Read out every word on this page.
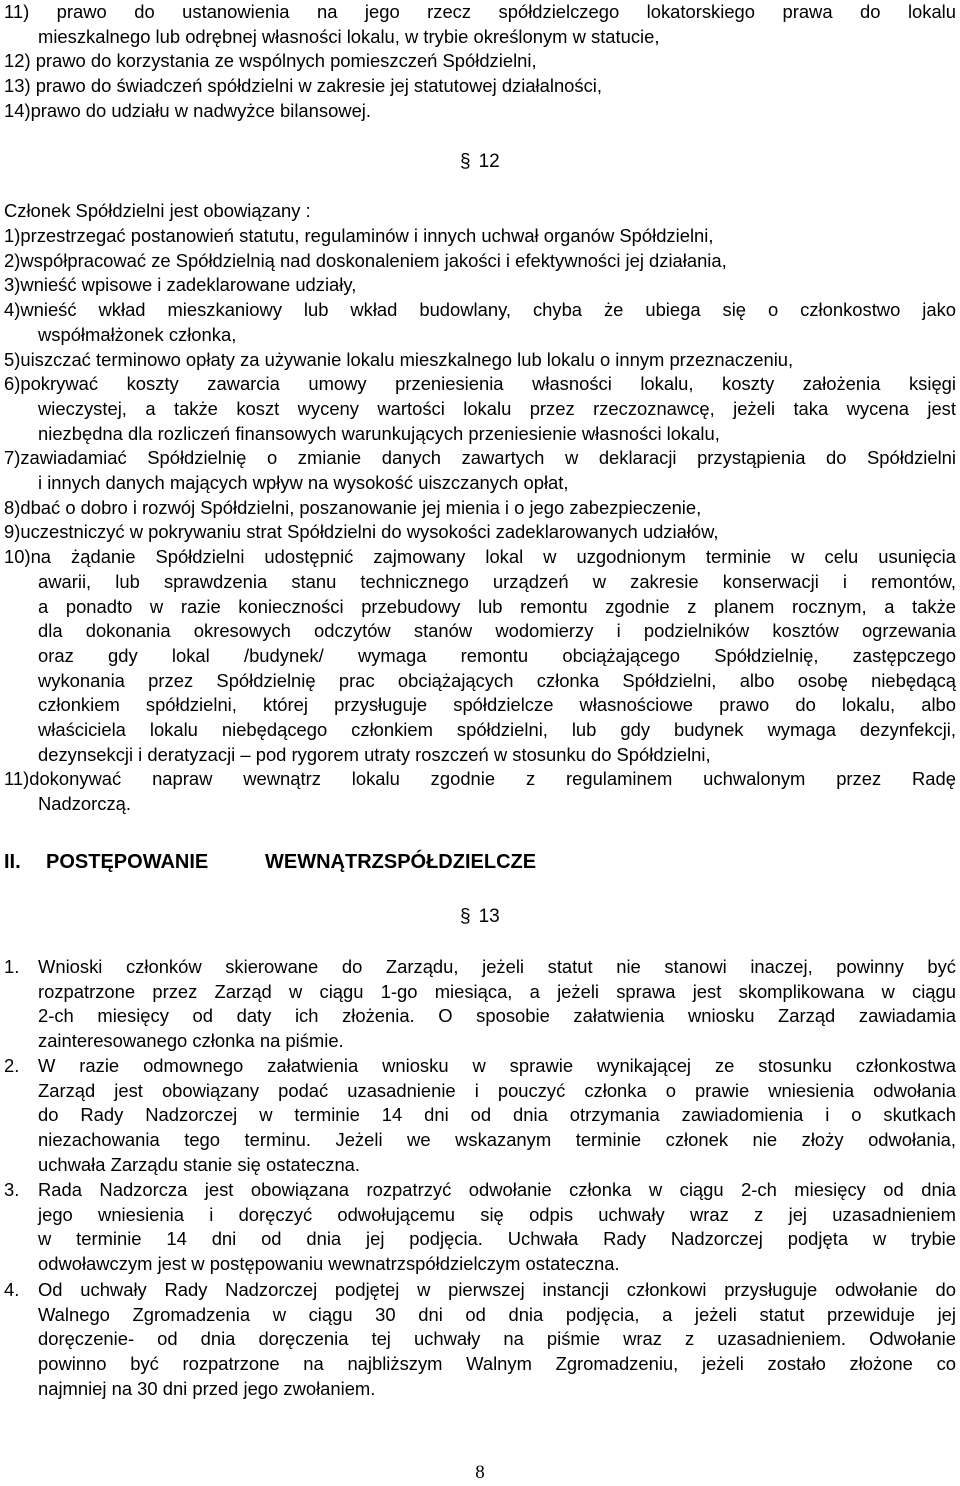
11) prawo do ustanowienia na jego rzecz spółdzielczego lokatorskiego prawa do lokalu
mieszkalnego lub odrębnej własności lokalu, w trybie określonym w statucie,
12) prawo do korzystania ze wspólnych pomieszczeń Spółdzielni,
13) prawo do świadczeń spółdzielni w zakresie jej statutowej działalności,
14)prawo do udziału w nadwyżce bilansowej.
§ 12

Członek Spółdzielni jest obowiązany :

1)przestrzegać postanowień statutu, regulaminów i innych uchwał organów Spółdzielni,
2)współpracować ze Spółdzielnią nad doskonaleniem jakości i efektywności jej działania,
3)wnieść wpisowe i zadeklarowane udziały,
4)wnieść wkład mieszkaniowy lub wkład budowlany, chyba że ubiega się o członkostwo jako
współmałżonek członka,
5)uiszczać terminowo opłaty za używanie lokalu mieszkalnego lub lokalu o innym przeznaczeniu,
6)pokrywać koszty zawarcia umowy przeniesienia własności lokalu, koszty założenia księgi
wieczystej, a także koszt wyceny wartości lokalu przez rzeczoznawcę, jeżeli taka wycena jest
niezbędna dla rozliczeń finansowych warunkujących przeniesienie własności lokalu,
7)zawiadamiać Spółdzielnię o zmianie danych zawartych w deklaracji przystąpienia do Spółdzielni
i innych danych mających wpływ na wysokość uiszczanych opłat,
8)dbać o dobro i rozwój Spółdzielni, poszanowanie jej mienia i o jego zabezpieczenie,
9)uczestniczyć w pokrywaniu strat Spółdzielni do wysokości zadeklarowanych udziałów,
10)na żądanie Spółdzielni udostępnić zajmowany lokal w uzgodnionym terminie w celu usunięcia
awarii, lub sprawdzenia stanu technicznego urządzeń w zakresie konserwacji i remontów,
a ponadto w razie konieczności przebudowy lub remontu zgodnie z planem rocznym, a także
dla dokonania okresowych odczytów stanów wodomierzy i podzielników kosztów ogrzewania
oraz gdy lokal /budynek/ wymaga remontu obciążającego Spółdzielnię, zastępczego
wykonania przez Spółdzielnię prac obciążających członka Spółdzielni, albo osobę niebędącą
członkiem spółdzielni, której przysługuje spółdzielcze własnościowe prawo do lokalu, albo
właściciela lokalu niebędącego członkiem spółdzielni, lub gdy budynek wymaga dezynfekcji,
dezynsekcji i deratyzacji – pod rygorem utraty roszczeń w stosunku do Spółdzielni,
11)dokonywać napraw wewnątrz lokalu zgodnie z regulaminem uchwalonym przez Radę
Nadzorczą.
II. POSTĘPOWANIE	WEWNĄTRZSPÓŁDZIELCZE
§ 13
1.	Wnioski członków skierowane do Zarządu, jeżeli statut nie stanowi inaczej, powinny być
rozpatrzone przez Zarząd w ciągu 1-go miesiąca, a jeżeli sprawa jest skomplikowana w ciągu
2-ch miesięcy od daty ich złożenia. O sposobie załatwienia wniosku Zarząd zawiadamia
zainteresowanego członka na piśmie.
2.	W razie odmownego załatwienia wniosku w sprawie wynikającej ze stosunku członkostwa
Zarząd jest obowiązany podać uzasadnienie i pouczyć członka o prawie wniesienia odwołania
do Rady Nadzorczej w terminie 14 dni od dnia otrzymania zawiadomienia i o skutkach
niezachowania tego terminu. Jeżeli we wskazanym terminie członek nie złoży odwołania,
uchwała Zarządu stanie się ostateczna.
3.	Rada Nadzorcza jest obowiązana rozpatrzyć odwołanie członka w ciągu 2-ch miesięcy od dnia
jego wniesienia i doręczyć odwołującemu się odpis uchwały wraz z jej uzasadnieniem
w terminie 14 dni od dnia jej podjęcia. Uchwała Rady Nadzorczej podjęta w trybie
odwoławczym jest w postępowaniu wewnatrzspółdzielczym ostateczna.
4.	Od uchwały Rady Nadzorczej podjętej w pierwszej instancji członkowi przysługuje odwołanie do
Walnego Zgromadzenia w ciągu 30 dni od dnia podjęcia, a jeżeli statut przewiduje jej
doręczenie- od dnia doręczenia tej uchwały na piśmie wraz z uzasadnieniem. Odwołanie
powinno być rozpatrzone na najbliższym Walnym Zgromadzeniu, jeżeli zostało złożone co
najmniej na 30 dni przed jego zwołaniem.
8
